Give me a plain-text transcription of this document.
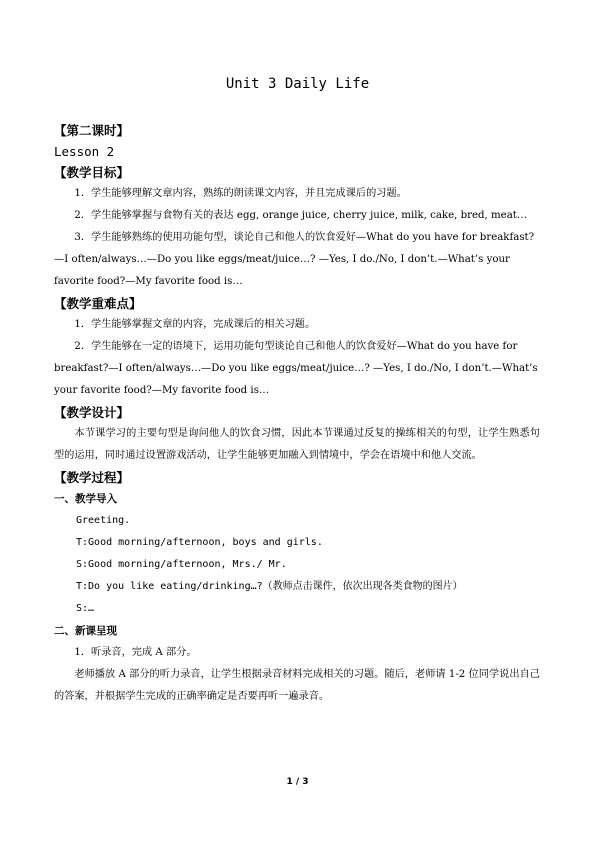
Unit 3 Daily Life

【第二课时】

Lesson 2

【教学目标】

1．学生能够理解文章内容，熟练的朗读课文内容，并且完成课后的习题。

2．学生能够掌握与食物有关的表达 egg, orange juice, cherry juice, milk, cake, bred, meat…

3．学生能够熟练的使用功能句型，谈论自己和他人的饮食爱好—What do you have for breakfast?—I often/always…—Do you like eggs/meat/juice…? —Yes, I do./No, I don’t.—What’s your favorite food?—My favorite food is…

【教学重难点】

1．学生能够掌握文章的内容，完成课后的相关习题。

2．学生能够在一定的语境下，运用功能句型谈论自己和他人的饮食爱好—What do you have for breakfast?—I often/always…—Do you like eggs/meat/juice…? —Yes, I do./No, I don’t.—What’s your favorite food?—My favorite food is…

【教学设计】

本节课学习的主要句型是询问他人的饮食习惯，因此本节课通过反复的操练相关的句型，让学生熟悉句型的运用，同时通过设置游戏活动，让学生能够更加融入到情境中，学会在语境中和他人交流。

【教学过程】

一、教学导入

Greeting.

T:Good morning/afternoon, boys and girls.

S:Good morning/afternoon, Mrs./ Mr.

T:Do you like eating/drinking…?（教师点击课件，依次出现各类食物的图片）

S:…

二、新课呈现

1．听录音，完成 A 部分。

老师播放 A 部分的听力录音，让学生根据录音材料完成相关的习题。随后，老师请 1-2 位同学说出自己的答案，并根据学生完成的正确率确定是否要再听一遍录音。

1 / 3
